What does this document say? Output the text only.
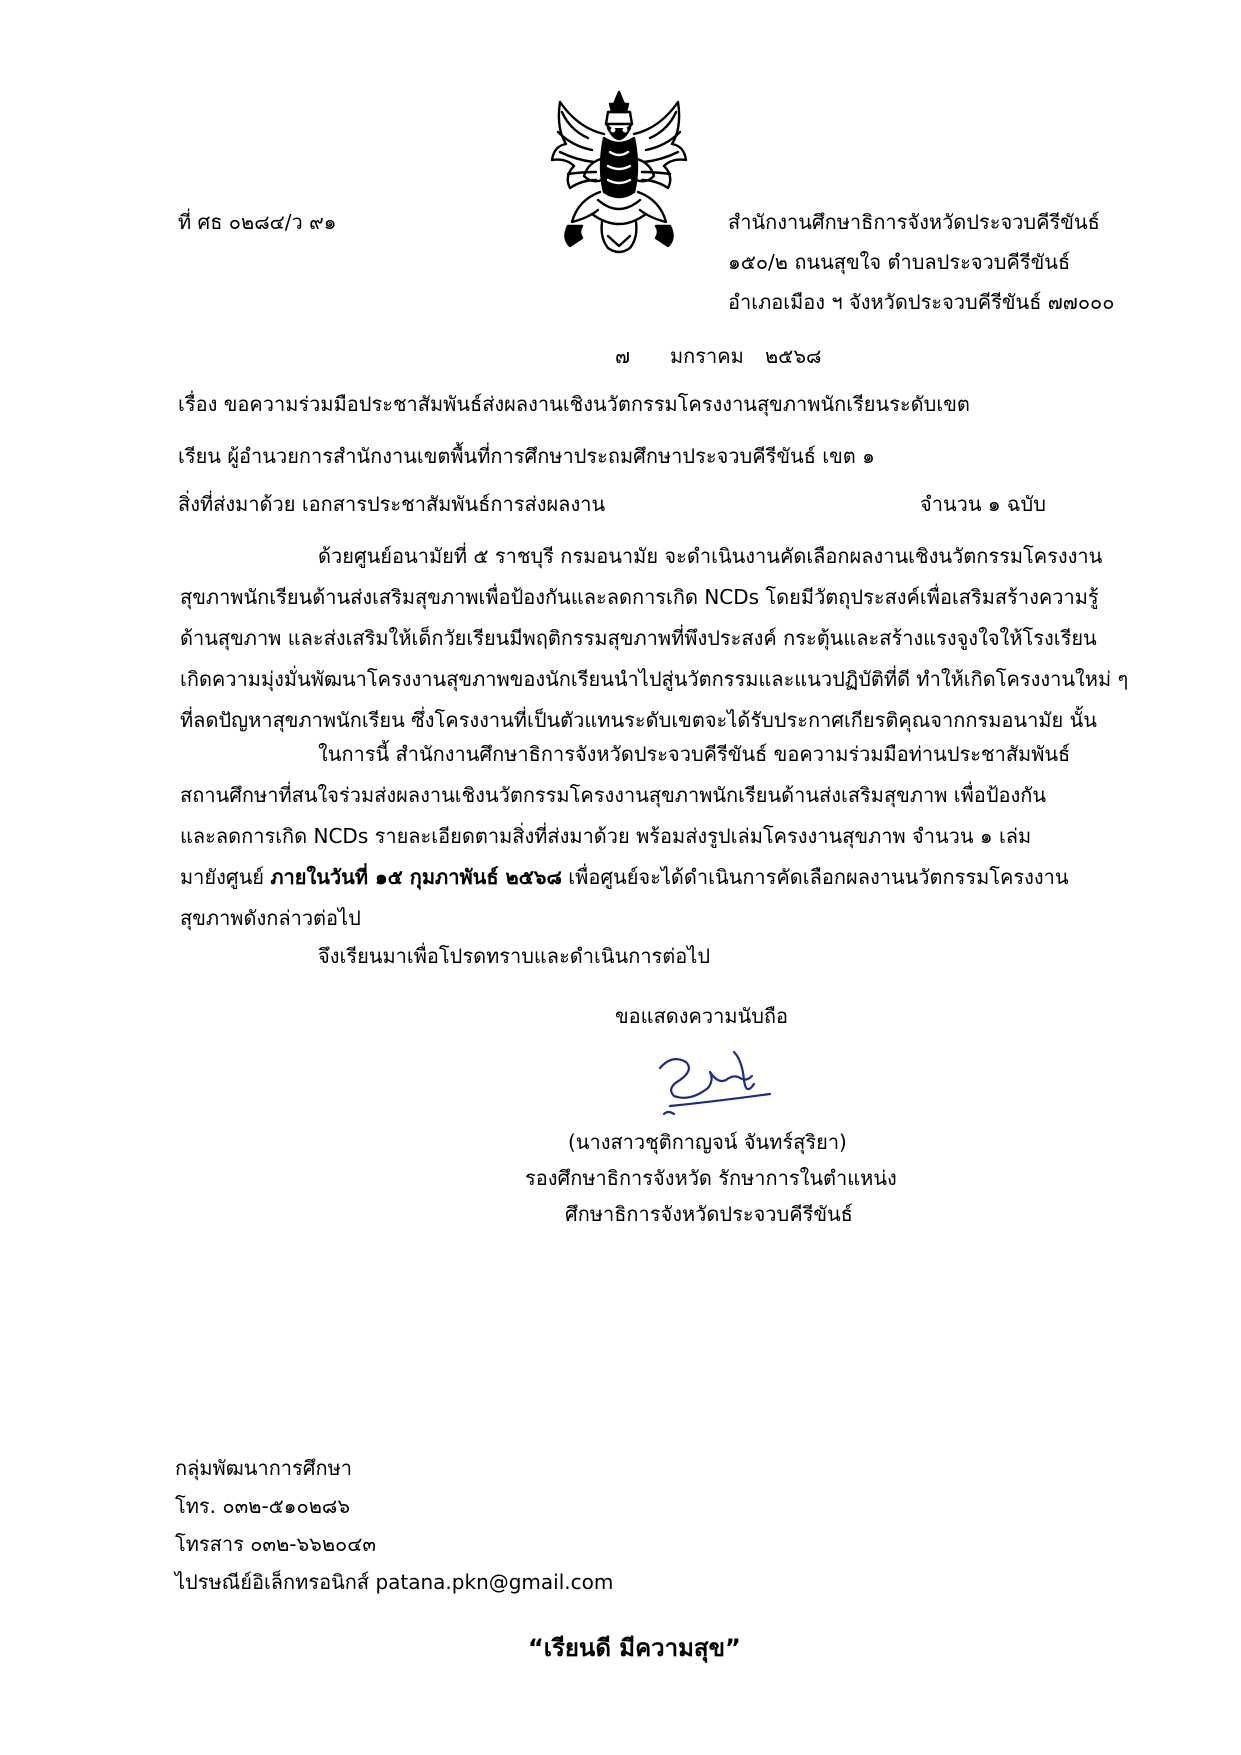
ที่ ศธ ๐๒๘๔/ว ๙๑	สำนักงานศึกษาธิการจังหวัดประจวบคีรีขันธ์
๑๕๐/๒ ถนนสุขใจ ตำบลประจวบคีรีขันธ์
อำเภอเมือง ฯ จังหวัดประจวบคีรีขันธ์ ๗๗๐๐๐
๗ มกราคม ๒๕๖๘
เรื่อง ขอความร่วมมือประชาสัมพันธ์ส่งผลงานเชิงนวัตกรรมโครงงานสุขภาพนักเรียนระดับเขต
เรียน ผู้อำนวยการสำนักงานเขตพื้นที่การศึกษาประถมศึกษาประจวบคีรีขันธ์ เขต ๑
สิ่งที่ส่งมาด้วย เอกสารประชาสัมพันธ์การส่งผลงาน	จำนวน ๑ ฉบับ
ด้วยศูนย์อนามัยที่ ๕ ราชบุรี กรมอนามัย จะดำเนินงานคัดเลือกผลงานเชิงนวัตกรรมโครงงาน
สุขภาพนักเรียนด้านส่งเสริมสุขภาพเพื่อป้องกันและลดการเกิด NCDs โดยมีวัตถุประสงค์เพื่อเสริมสร้างความรู้
ด้านสุขภาพ และส่งเสริมให้เด็กวัยเรียนมีพฤติกรรมสุขภาพที่พึงประสงค์ กระตุ้นและสร้างแรงจูงใจให้โรงเรียน
เกิดความมุ่งมั่นพัฒนาโครงงานสุขภาพของนักเรียนนำไปสู่นวัตกรรมและแนวปฏิบัติที่ดี ทำให้เกิดโครงงานใหม่ ๆ
ที่ลดปัญหาสุขภาพนักเรียน ซึ่งโครงงานที่เป็นตัวแทนระดับเขตจะได้รับประกาศเกียรติคุณจากกรมอนามัย นั้น
ในการนี้ สำนักงานศึกษาธิการจังหวัดประจวบคีรีขันธ์ ขอความร่วมมือท่านประชาสัมพันธ์
สถานศึกษาที่สนใจร่วมส่งผลงานเชิงนวัตกรรมโครงงานสุขภาพนักเรียนด้านส่งเสริมสุขภาพ เพื่อป้องกัน
และลดการเกิด NCDs รายละเอียดตามสิ่งที่ส่งมาด้วย พร้อมส่งรูปเล่มโครงงานสุขภาพ จำนวน ๑ เล่ม
มายังศูนย์ ภายในวันที่ ๑๕ กุมภาพันธ์ ๒๕๖๘ เพื่อศูนย์จะได้ดำเนินการคัดเลือกผลงานนวัตกรรมโครงงาน
สุขภาพดังกล่าวต่อไป
จึงเรียนมาเพื่อโปรดทราบและดำเนินการต่อไป
ขอแสดงความนับถือ
(นางสาวชุติกาญจน์ จันทร์สุริยา)
รองศึกษาธิการจังหวัด รักษาการในตำแหน่ง
ศึกษาธิการจังหวัดประจวบคีรีขันธ์
กลุ่มพัฒนาการศึกษา
โทร. ๐๓๒-๕๑๐๒๘๖
โทรสาร ๐๓๒-๖๖๒๐๔๓
ไปรษณีย์อิเล็กทรอนิกส์ patana.pkn@gmail.com
“เรียนดี มีความสุข”
